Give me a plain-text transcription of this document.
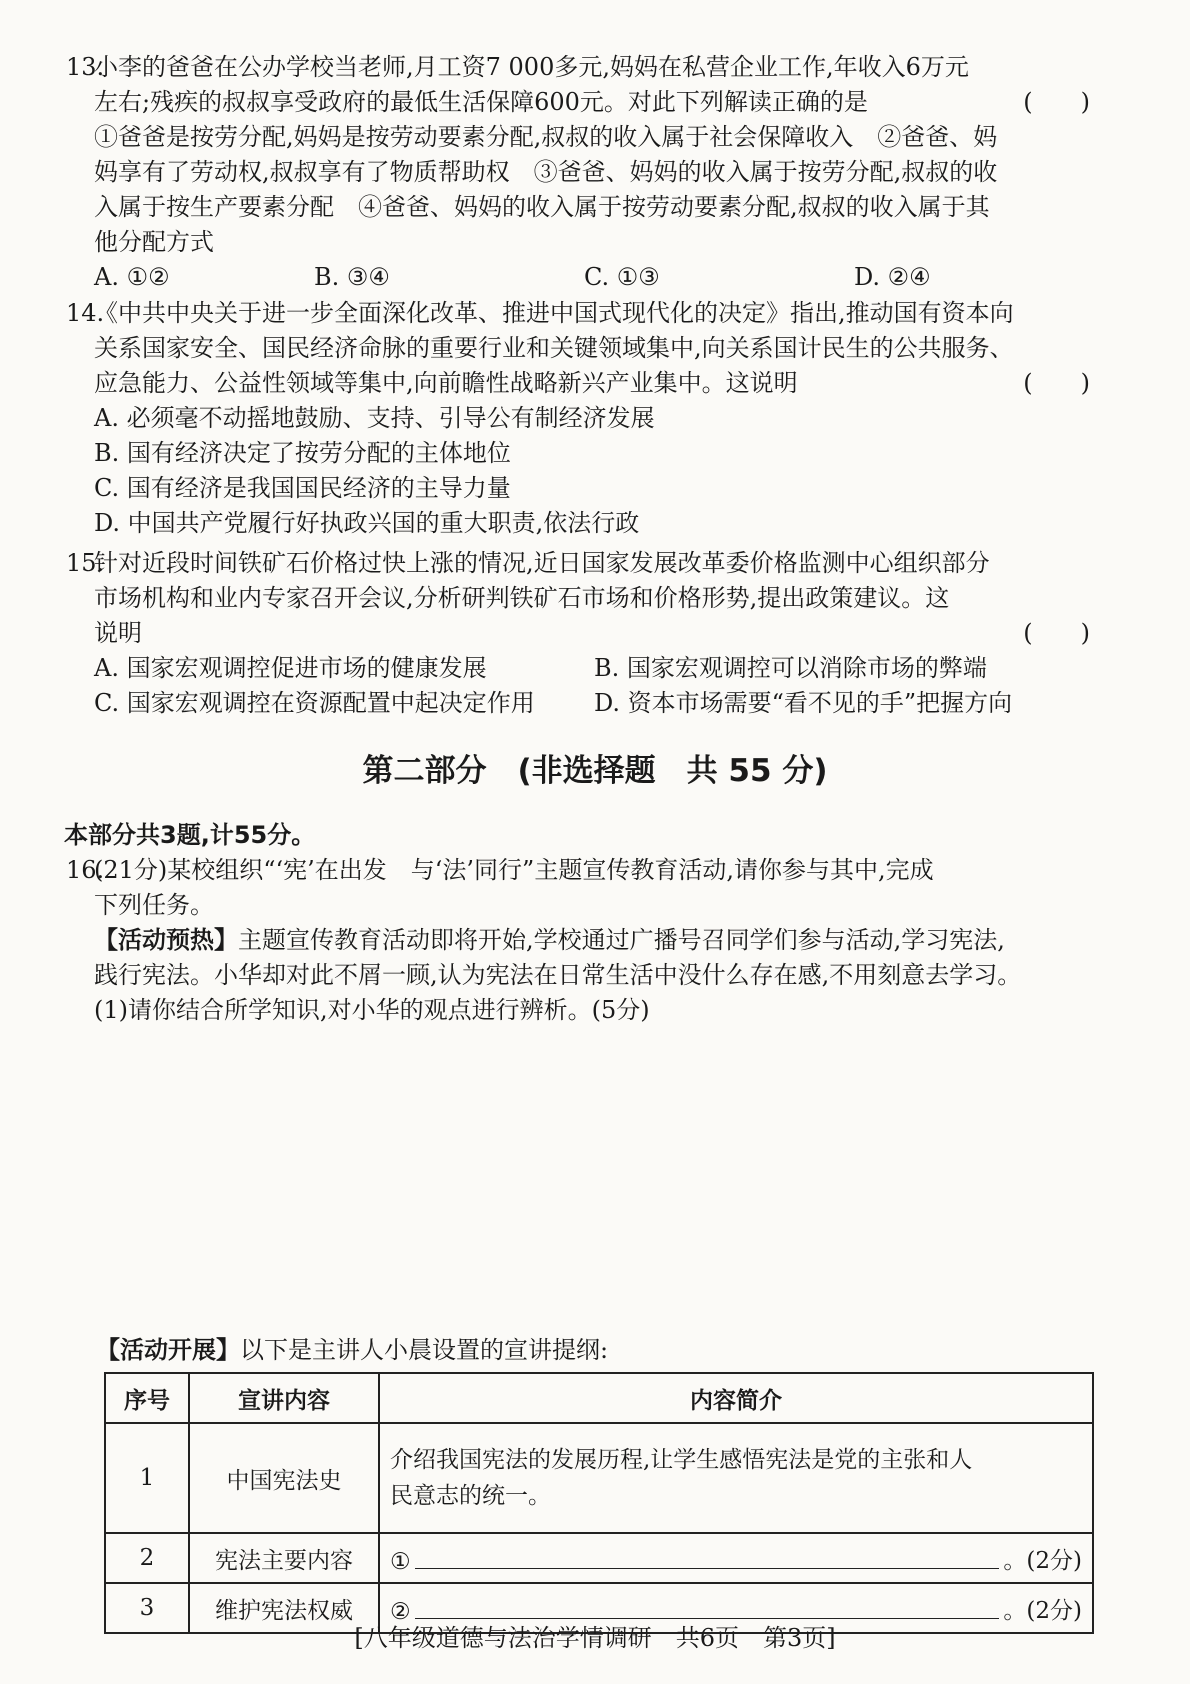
13.
小李的爸爸在公办学校当老师,月工资7 000多元,妈妈在私营企业工作,年收入6万元
左右;残疾的叔叔享受政府的最低生活保障600元。对此下列解读正确的是	(　　)
①爸爸是按劳分配,妈妈是按劳动要素分配,叔叔的收入属于社会保障收入　②爸爸、妈
妈享有了劳动权,叔叔享有了物质帮助权　③爸爸、妈妈的收入属于按劳分配,叔叔的收
入属于按生产要素分配　④爸爸、妈妈的收入属于按劳动要素分配,叔叔的收入属于其
他分配方式
A. ①②	B. ③④	C. ①③	D. ②④
14.
《中共中央关于进一步全面深化改革、推进中国式现代化的决定》指出,推动国有资本向
关系国家安全、国民经济命脉的重要行业和关键领域集中,向关系国计民生的公共服务、
应急能力、公益性领域等集中,向前瞻性战略新兴产业集中。这说明	(　　)
A. 必须毫不动摇地鼓励、支持、引导公有制经济发展
B. 国有经济决定了按劳分配的主体地位
C. 国有经济是我国国民经济的主导力量
D. 中国共产党履行好执政兴国的重大职责,依法行政
15.
针对近段时间铁矿石价格过快上涨的情况,近日国家发展改革委价格监测中心组织部分
市场机构和业内专家召开会议,分析研判铁矿石市场和价格形势,提出政策建议。这
说明	(　　)
A. 国家宏观调控促进市场的健康发展	B. 国家宏观调控可以消除市场的弊端
C. 国家宏观调控在资源配置中起决定作用	D. 资本市场需要“看不见的手”把握方向
第二部分　(非选择题　共 55 分)
本部分共3题,计55分。
16.
(21分)某校组织“‘宪’在出发　与‘法’同行”主题宣传教育活动,请你参与其中,完成
下列任务。
【活动预热】主题宣传教育活动即将开始,学校通过广播号召同学们参与活动,学习宪法,
践行宪法。小华却对此不屑一顾,认为宪法在日常生活中没什么存在感,不用刻意去学习。
(1)请你结合所学知识,对小华的观点进行辨析。(5分)
【活动开展】以下是主讲人小晨设置的宣讲提纲:
序号	宣讲内容	内容简介
1	中国宪法史	介绍我国宪法的发展历程,让学生感悟宪法是党的主张和人
民意志的统一。

2	宪法主要内容	① 。(2分)

3	维护宪法权威	② 。(2分)
[八年级道德与法治学情调研　共6页　第3页]
